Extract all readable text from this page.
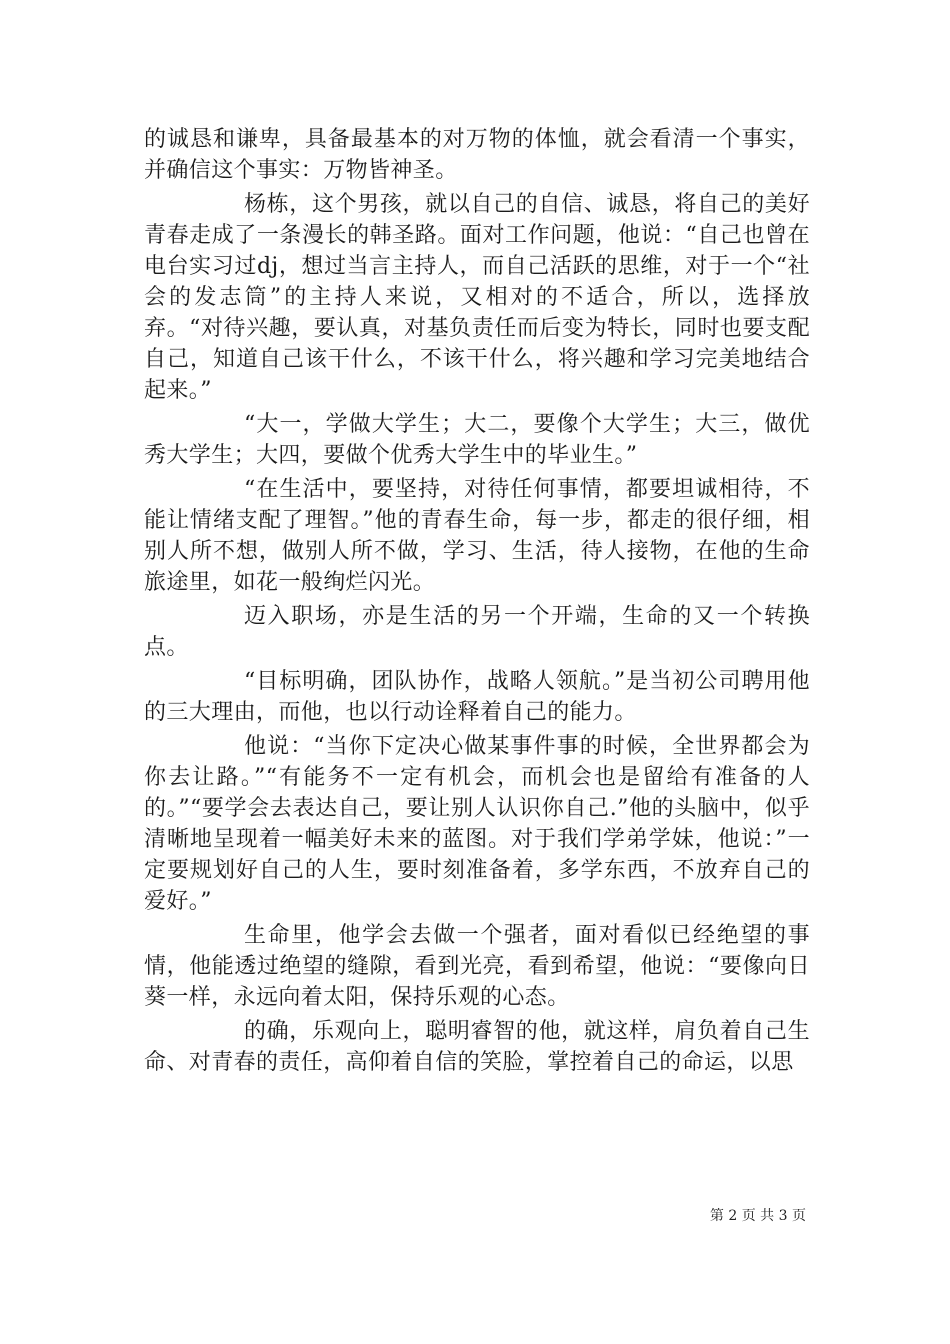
的诚恳和谦卑，具备最基本的对万物的体恤，就会看清一个事实，并确信这个事实：万物皆神圣。

杨栋，这个男孩，就以自己的自信、诚恳，将自己的美好青春走成了一条漫长的韩圣路。面对工作问题，他说：“自己也曾在电台实习过dj，想过当言主持人，而自己活跃的思维，对于一个“社会的发志筒”的主持人来说，又相对的不适合，所以，选择放弃。“对待兴趣，要认真，对基负责任而后变为特长，同时也要支配自己，知道自己该干什么，不该干什么，将兴趣和学习完美地结合起来。”

“大一，学做大学生；大二，要像个大学生；大三，做优秀大学生；大四，要做个优秀大学生中的毕业生。”

“在生活中，要坚持，对待任何事情，都要坦诚相待，不能让情绪支配了理智。”他的青春生命，每一步，都走的很仔细，相别人所不想，做别人所不做，学习、生活，待人接物，在他的生命旅途里，如花一般绚烂闪光。

迈入职场，亦是生活的另一个开端，生命的又一个转换点。

“目标明确，团队协作，战略人领航。”是当初公司聘用他的三大理由，而他，也以行动诠释着自己的能力。

他说：“当你下定决心做某事件事的时候，全世界都会为你去让路。”“有能务不一定有机会，而机会也是留给有准备的人的。”“要学会去表达自己，要让别人认识你自己.”他的头脑中，似乎清晰地呈现着一幅美好未来的蓝图。对于我们学弟学妹，他说：”一定要规划好自己的人生，要时刻准备着，多学东西，不放弃自己的爱好。”

生命里，他学会去做一个强者，面对看似已经绝望的事情，他能透过绝望的缝隙，看到光亮，看到希望，他说：“要像向日葵一样，永远向着太阳，保持乐观的心态。

的确，乐观向上，聪明睿智的他，就这样，肩负着自己生命、对青春的责任，高仰着自信的笑脸，掌控着自己的命运，以思

第 2 页 共 3 页
